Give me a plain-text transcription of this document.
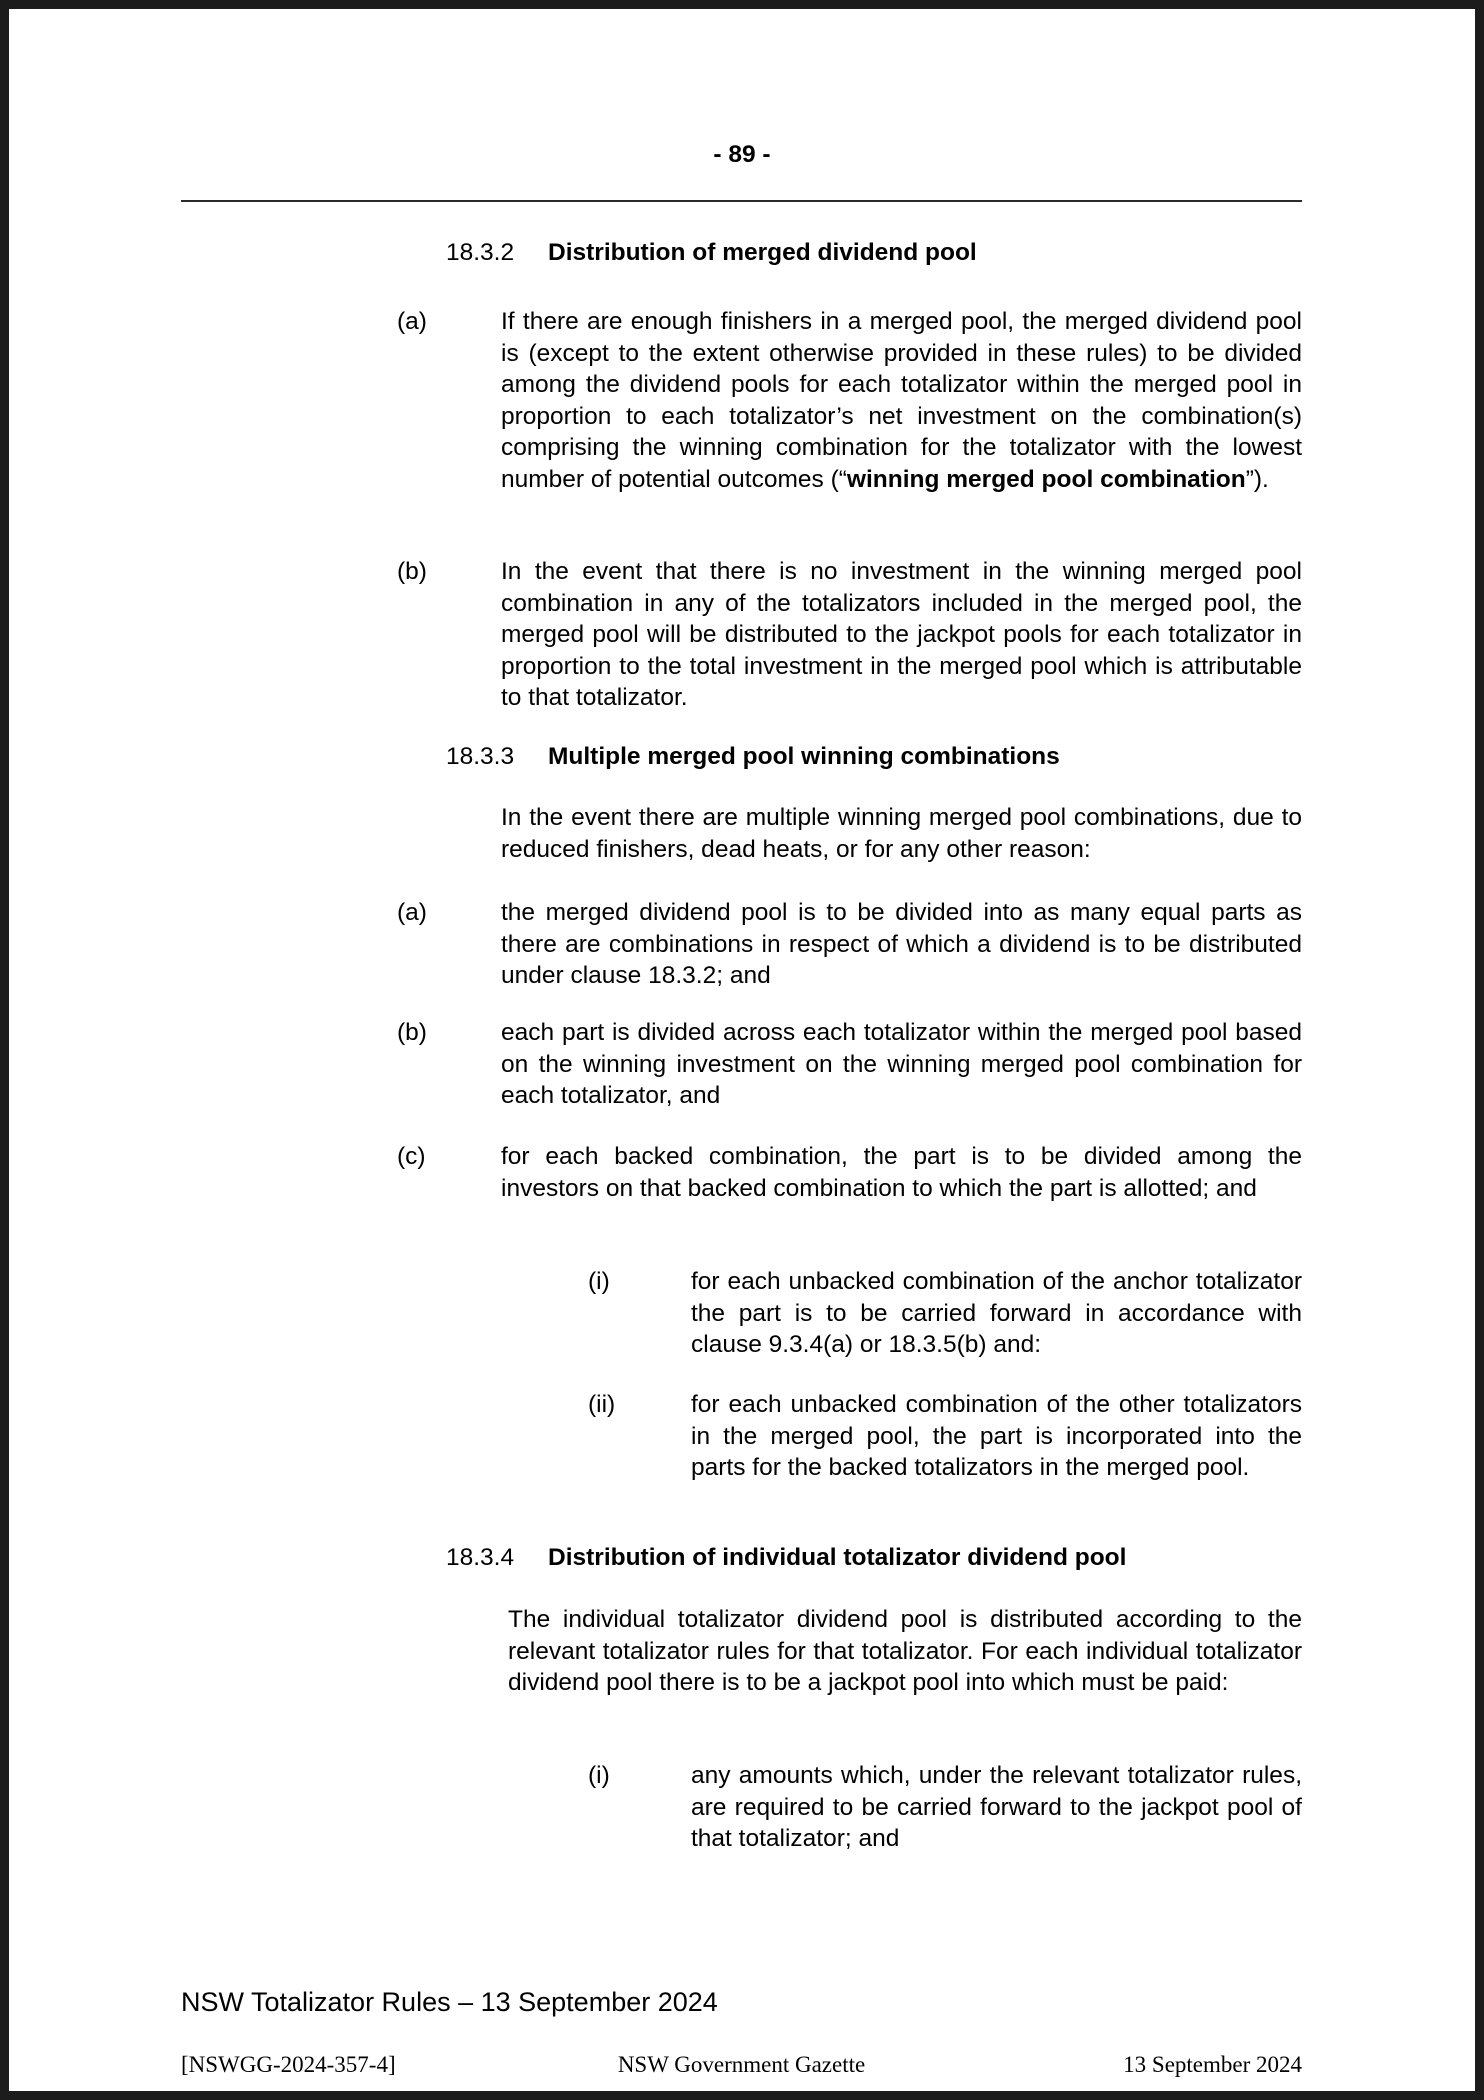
- 89 -
18.3.2 Distribution of merged dividend pool
(a)	If there are enough finishers in a merged pool, the merged dividend pool is (except to the extent otherwise provided in these rules) to be divided among the dividend pools for each totalizator within the merged pool in proportion to each totalizator’s net investment on the combination(s) comprising the winning combination for the totalizator with the lowest number of potential outcomes (“winning merged pool combination”).
(b)	In the event that there is no investment in the winning merged pool combination in any of the totalizators included in the merged pool, the merged pool will be distributed to the jackpot pools for each totalizator in proportion to the total investment in the merged pool which is attributable to that totalizator.
18.3.3 Multiple merged pool winning combinations
In the event there are multiple winning merged pool combinations, due to reduced finishers, dead heats, or for any other reason:
(a)	the merged dividend pool is to be divided into as many equal parts as there are combinations in respect of which a dividend is to be distributed under clause 18.3.2; and
(b)	each part is divided across each totalizator within the merged pool based on the winning investment on the winning merged pool combination for each totalizator, and
(c)	for each backed combination, the part is to be divided among the investors on that backed combination to which the part is allotted; and
(i)	for each unbacked combination of the anchor totalizator the part is to be carried forward in accordance with clause 9.3.4(a) or 18.3.5(b) and:
(ii)	for each unbacked combination of the other totalizators in the merged pool, the part is incorporated into the parts for the backed totalizators in the merged pool.
18.3.4 Distribution of individual totalizator dividend pool
The individual totalizator dividend pool is distributed according to the relevant totalizator rules for that totalizator. For each individual totalizator dividend pool there is to be a jackpot pool into which must be paid:
(i)	any amounts which, under the relevant totalizator rules, are required to be carried forward to the jackpot pool of that totalizator; and
NSW Totalizator Rules – 13 September 2024
[NSWGG-2024-357-4]	NSW Government Gazette	13 September 2024
